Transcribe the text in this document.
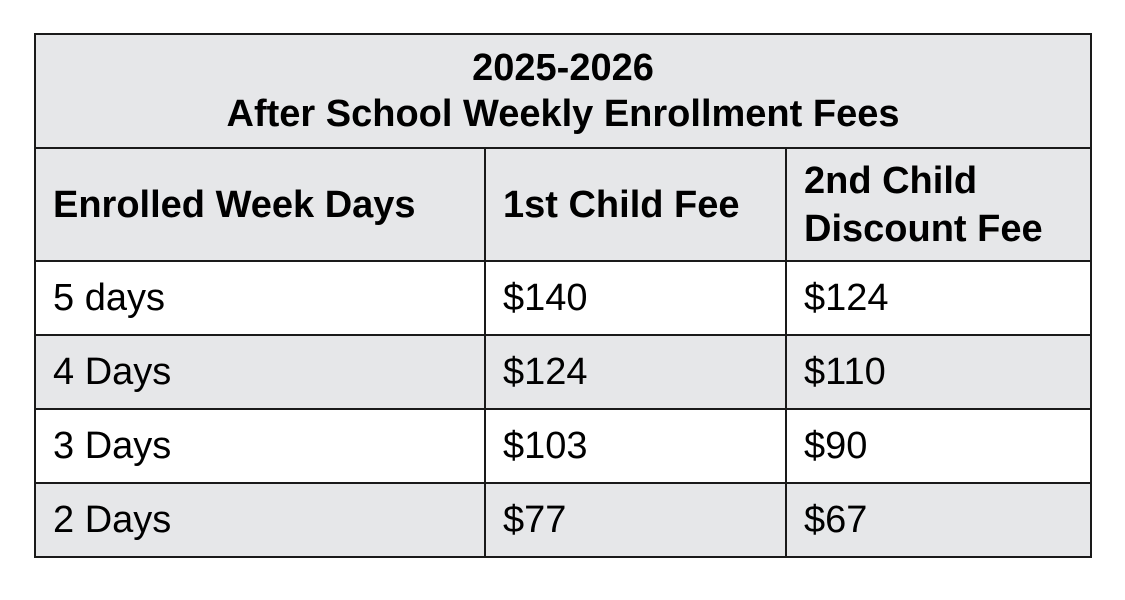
2025-2026
After School Weekly Enrollment Fees		

Enrolled Week Days	1st Child Fee	2nd Child
Discount Fee

5 days	$140	$124
4 Days	$124	$110
3 Days	$103	$90
2 Days	$77	$67
